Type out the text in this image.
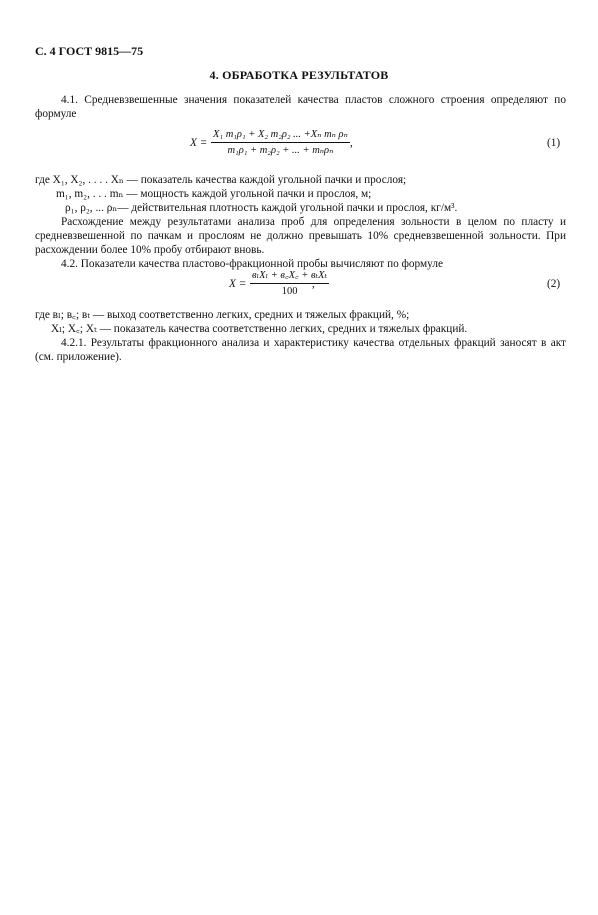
С. 4 ГОСТ 9815—75
4. ОБРАБОТКА РЕЗУЛЬТАТОВ
4.1. Средневзвешенные значения показателей качества пластов сложного строения определяют по формуле
X =
X₁ m₁ρ₁ + X₂ m₂ρ₂ ... +Xₙ mₙ ρₙ
m₁ρ₁ + m₂ρ₂ + ... + mₙρₙ
,	(1)
где X₁, X₂, . . . . Xₙ — показатель качества каждой угольной пачки и прослоя;
m₁, m₂, . . . mₙ — мощность каждой угольной пачки и прослоя, м;
ρ₁, ρ₂, ... ρₙ— действительная плотность каждой угольной пачки и прослоя, кг/м³.
Расхождение между результатами анализа проб для определения зольности в целом по пласту и средневзвешенной по пачкам и прослоям не должно превышать 10% средневзвешенной зольности. При расхождении более 10% пробу отбирают вновь.
4.2. Показатели качества пластово-фракционной пробы вычисляют по формуле
X =
вₗXₗ + в꜀X꜀ + вₜXₜ
100
,	(2)
где вₗ; в꜀; вₜ — выход соответственно легких, средних и тяжелых фракций, %;
Xₗ; X꜀; Xₜ — показатель качества соответственно легких, средних и тяжелых фракций.
4.2.1. Результаты фракционного анализа и характеристику качества отдельных фракций заносят в акт (см. приложение).
